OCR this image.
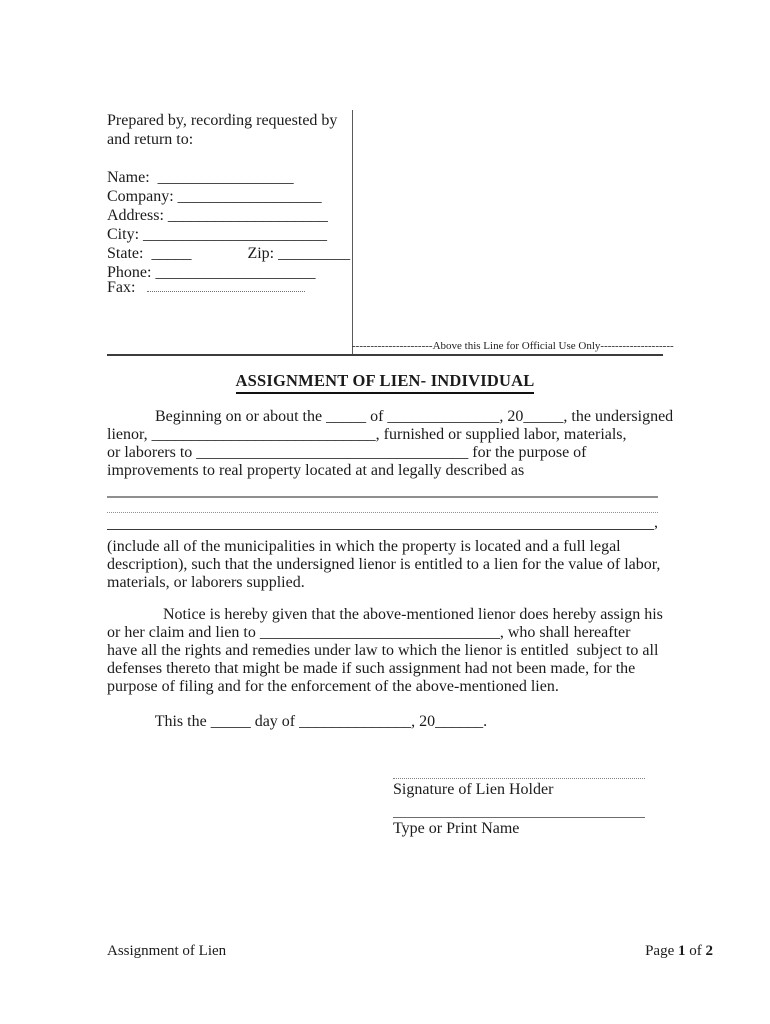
Prepared by, recording requested by
and return to:

Name:  _________________
Company: __________________
Address: ____________________
City: _______________________
State:  _____              Zip: _________
Phone: ____________________
Fax:
----------------------Above this Line for Official Use Only--------------------
ASSIGNMENT OF LIEN- INDIVIDUAL
Beginning on or about the _____ of ______________, 20_____, the undersigned
lienor, ____________________________, furnished or supplied labor, materials,
or laborers to __________________________________ for the purpose of
improvements to real property located at and legally described as
,
(include all of the municipalities in which the property is located and a full legal
description), such that the undersigned lienor is entitled to a lien for the value of labor,
materials, or laborers supplied.
Notice is hereby given that the above-mentioned lienor does hereby assign his
or her claim and lien to ______________________________, who shall hereafter
have all the rights and remedies under law to which the lienor is entitled  subject to all
defenses thereto that might be made if such assignment had not been made, for the
purpose of filing and for the enforcement of the above-mentioned lien.
This the _____ day of ______________, 20______.
Signature of Lien Holder
Type or Print Name
Assignment of Lien	Page 1 of 2
